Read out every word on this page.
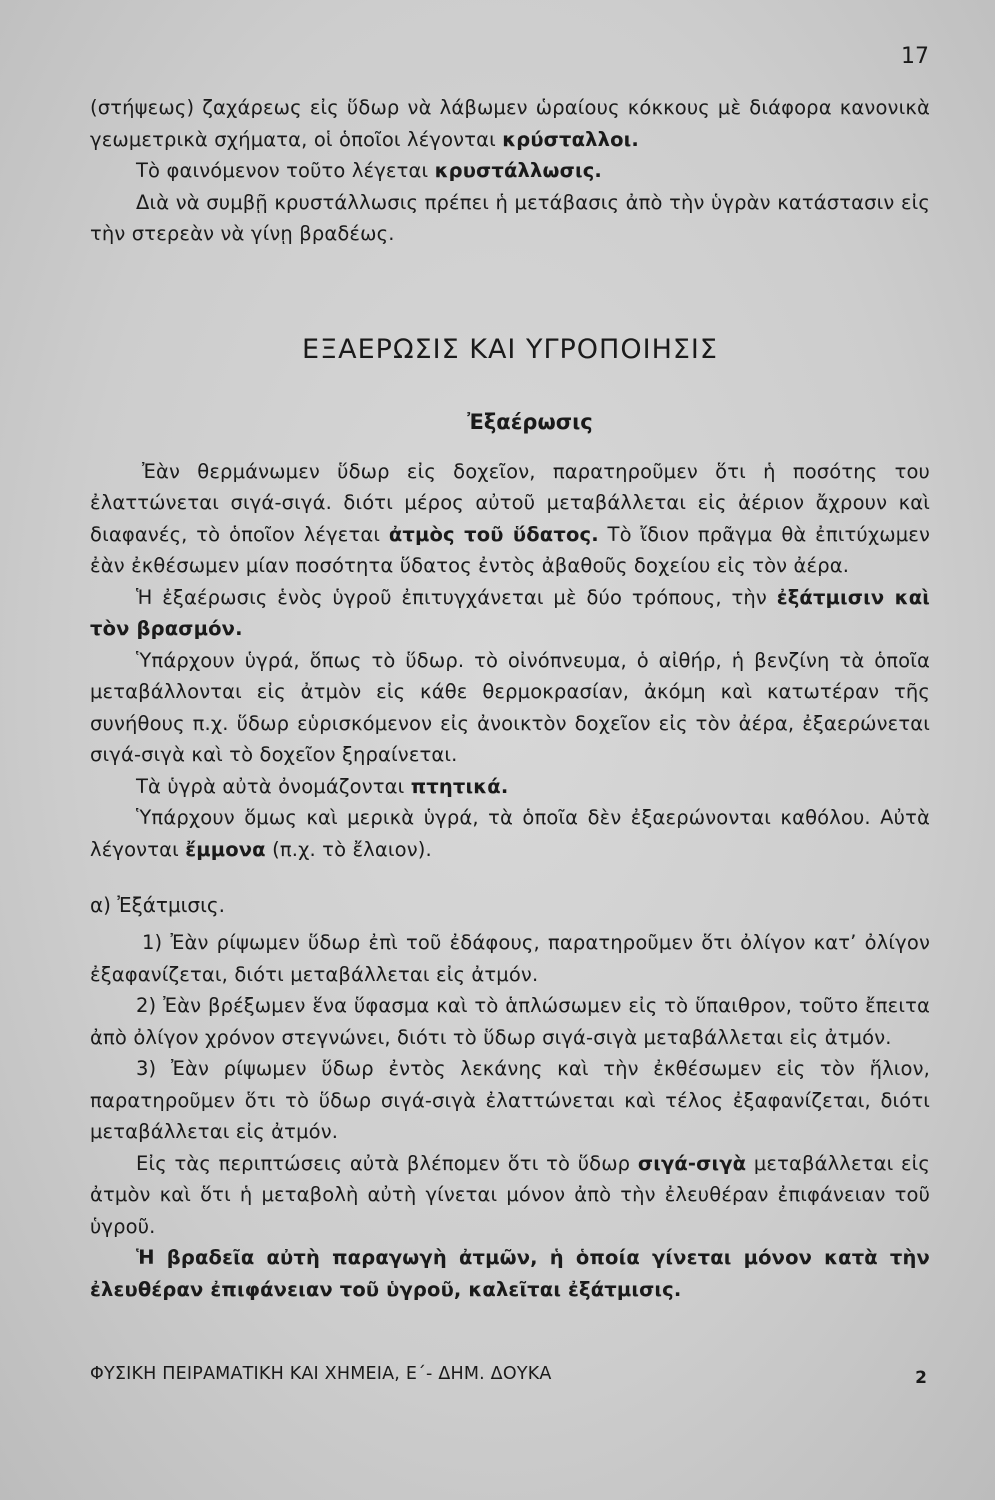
17

(στήψεως) ζαχάρεως εἰς ὕδωρ νὰ λάβωμεν ὡραίους κόκκους μὲ διάφορα κανονικὰ γεωμετρικὰ σχήματα, οἱ ὁποῖοι λέγονται κρύσταλλοι.

Τὸ φαινόμενον τοῦτο λέγεται κρυστάλλωσις.

Διὰ νὰ συμβῇ κρυστάλλωσις πρέπει ἡ μετάβασις ἀπὸ τὴν ὑγρὰν κατάστασιν εἰς τὴν στερεὰν νὰ γίνῃ βραδέως.

ΕΞΑΕΡΩΣΙΣ ΚΑΙ ΥΓΡΟΠΟΙΗΣΙΣ
Ἐξαέρωσις

Ἐὰν θερμάνωμεν ὕδωρ εἰς δοχεῖον, παρατηροῦμεν ὅτι ἡ ποσότης του ἐλαττώνεται σιγά-σιγά. διότι μέρος αὐτοῦ μεταβάλλεται εἰς ἀέριον ἄχρουν καὶ διαφανές, τὸ ὁποῖον λέγεται ἀτμὸς τοῦ ὕδατος. Τὸ ἴδιον πρᾶγμα θὰ ἐπιτύχωμεν ἐὰν ἐκθέσωμεν μίαν ποσότητα ὕδατος ἐντὸς ἀβαθοῦς δοχείου εἰς τὸν ἀέρα.

Ἡ ἐξαέρωσις ἑνὸς ὑγροῦ ἐπιτυγχάνεται μὲ δύο τρόπους, τὴν ἐξάτμισιν καὶ τὸν βρασμόν.

Ὑπάρχουν ὑγρά, ὅπως τὸ ὕδωρ. τὸ οἰνόπνευμα, ὁ αἰθήρ, ἡ βενζίνη τὰ ὁποῖα μεταβάλλονται εἰς ἀτμὸν εἰς κάθε θερμοκρασίαν, ἀκόμη καὶ κατωτέραν τῆς συνήθους π.χ. ὕδωρ εὑρισκόμενον εἰς ἀνοικτὸν δοχεῖον εἰς τὸν ἀέρα, ἐξαερώνεται σιγά-σιγὰ καὶ τὸ δοχεῖον ξηραίνεται.

Τὰ ὑγρὰ αὐτὰ ὀνομάζονται πτητικά.

Ὑπάρχουν ὅμως καὶ μερικὰ ὑγρά, τὰ ὁποῖα δὲν ἐξαερώνονται καθόλου. Αὐτὰ λέγονται ἔμμονα (π.χ. τὸ ἔλαιον).

α) Ἐξάτμισις.

1) Ἐὰν ρίψωμεν ὕδωρ ἐπὶ τοῦ ἐδάφους, παρατηροῦμεν ὅτι ὀλίγον κατ’ ὀλίγον ἐξαφανίζεται, διότι μεταβάλλεται εἰς ἀτμόν.

2) Ἐὰν βρέξωμεν ἕνα ὕφασμα καὶ τὸ ἁπλώσωμεν εἰς τὸ ὕπαιθρον, τοῦτο ἔπειτα ἀπὸ ὀλίγον χρόνον στεγνώνει, διότι τὸ ὕδωρ σιγά-σιγὰ μεταβάλλεται εἰς ἀτμόν.

3) Ἐὰν ρίψωμεν ὕδωρ ἐντὸς λεκάνης καὶ τὴν ἐκθέσωμεν εἰς τὸν ἥλιον, παρατηροῦμεν ὅτι τὸ ὕδωρ σιγά-σιγὰ ἐλαττώνεται καὶ τέλος ἐξαφανίζεται, διότι μεταβάλλεται εἰς ἀτμόν.

Εἰς τὰς περιπτώσεις αὐτὰ βλέπομεν ὅτι τὸ ὕδωρ σιγά-σιγὰ μεταβάλλεται εἰς ἀτμὸν καὶ ὅτι ἡ μεταβολὴ αὐτὴ γίνεται μόνον ἀπὸ τὴν ἐλευθέραν ἐπιφάνειαν τοῦ ὑγροῦ.

Ἡ βραδεῖα αὐτὴ παραγωγὴ ἀτμῶν, ἡ ὁποία γίνεται μόνον κατὰ τὴν ἐλευθέραν ἐπιφάνειαν τοῦ ὑγροῦ, καλεῖται ἐξάτμισις.

ΦΥΣΙΚΗ ΠΕΙΡΑΜΑΤΙΚΗ ΚΑΙ ΧΗΜΕΙΑ, Ε΄- ΔΗΜ. ΔΟΥΚΑ	2
